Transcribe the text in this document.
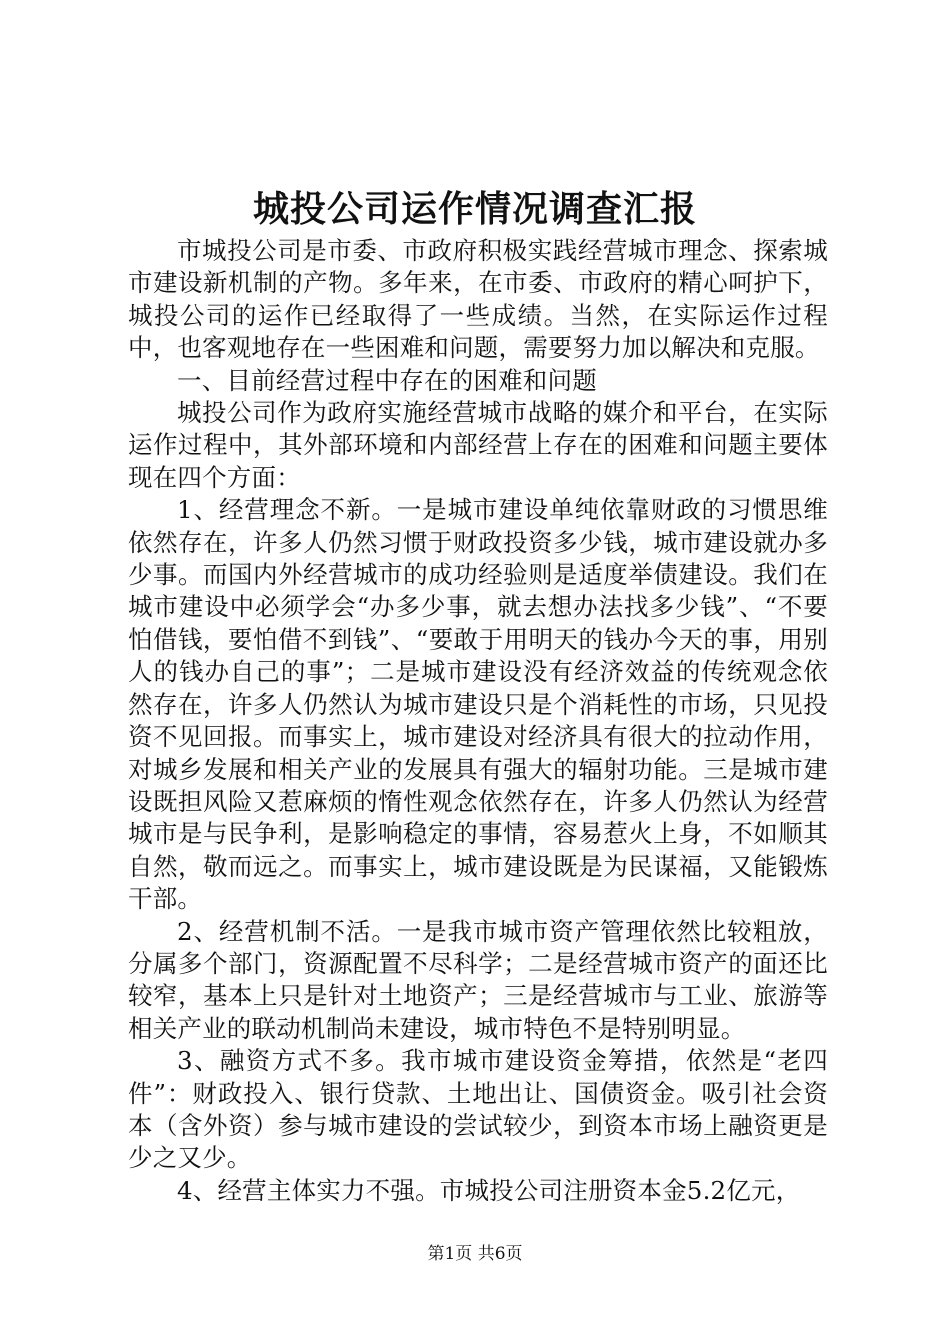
城投公司运作情况调查汇报

市城投公司是市委、市政府积极实践经营城市理念、探索城市建设新机制的产物。多年来，在市委、市政府的精心呵护下，城投公司的运作已经取得了一些成绩。当然，在实际运作过程中，也客观地存在一些困难和问题，需要努力加以解决和克服。

一、目前经营过程中存在的困难和问题

城投公司作为政府实施经营城市战略的媒介和平台，在实际运作过程中，其外部环境和内部经营上存在的困难和问题主要体现在四个方面：

1、经营理念不新。一是城市建设单纯依靠财政的习惯思维依然存在，许多人仍然习惯于财政投资多少钱，城市建设就办多少事。而国内外经营城市的成功经验则是适度举债建设。我们在城市建设中必须学会“办多少事，就去想办法找多少钱”、“不要怕借钱，要怕借不到钱”、“要敢于用明天的钱办今天的事，用别人的钱办自己的事”；二是城市建设没有经济效益的传统观念依然存在，许多人仍然认为城市建设只是个消耗性的市场，只见投资不见回报。而事实上，城市建设对经济具有很大的拉动作用，对城乡发展和相关产业的发展具有强大的辐射功能。三是城市建设既担风险又惹麻烦的惰性观念依然存在，许多人仍然认为经营城市是与民争利，是影响稳定的事情，容易惹火上身，不如顺其自然，敬而远之。而事实上，城市建设既是为民谋福，又能锻炼干部。

2、经营机制不活。一是我市城市资产管理依然比较粗放，分属多个部门，资源配置不尽科学；二是经营城市资产的面还比较窄，基本上只是针对土地资产；三是经营城市与工业、旅游等相关产业的联动机制尚未建设，城市特色不是特别明显。

3、融资方式不多。我市城市建设资金筹措，依然是“老四件”：财政投入、银行贷款、土地出让、国债资金。吸引社会资本（含外资）参与城市建设的尝试较少，到资本市场上融资更是少之又少。

4、经营主体实力不强。市城投公司注册资本金5.2亿元，

第1页 共6页
